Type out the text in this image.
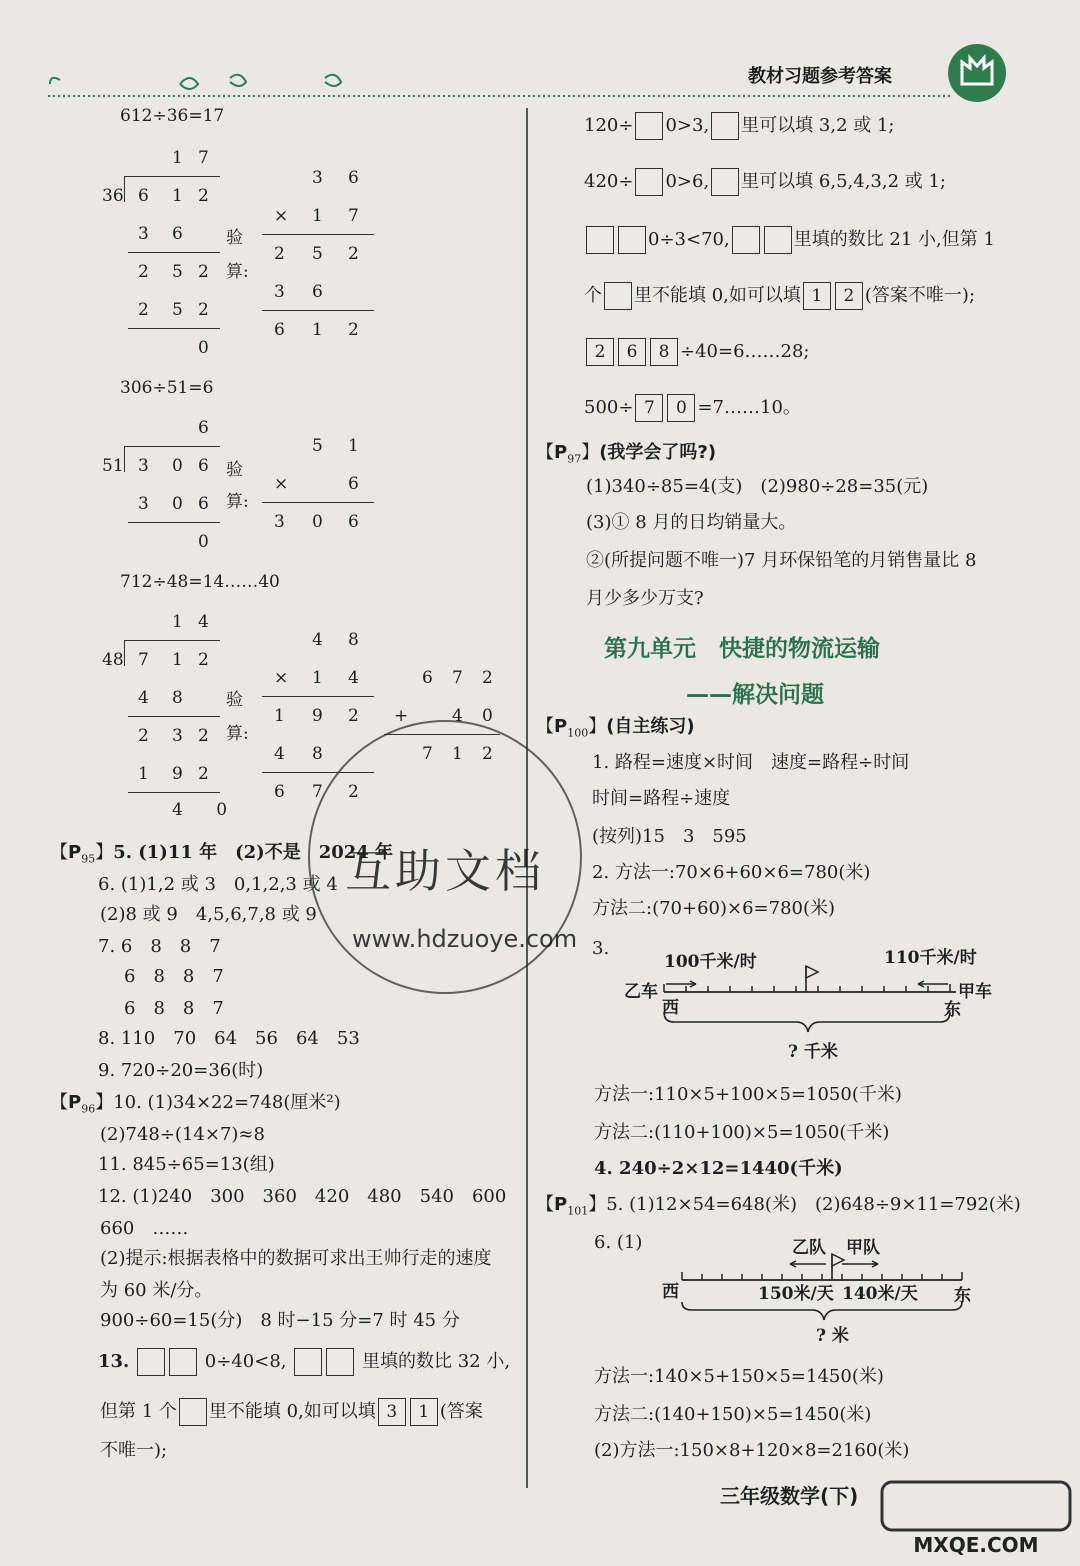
教材习题参考答案
612÷36=17
1 7
36 6 1 2
3 6
2 5 2
2 5 2
0
验
算:
3 6
× 1 7
2 5 2
3 6
6 1 2
306÷51=6
6
51 3 0 6
3 0 6
0
验
算:
5 1
×	6
3 0 6
712÷48=14……40
1 4
48 7 1 2
4 8
2 3 2
1 9 2
4 0
验
算:
4 8
× 1 4
1 9 2
4 8
6 7 2
6 7 2
+	4 0
7 1 2
【$P_{95}$】5. (1)11 年　(2)不是　2024 年
6. (1)1,2 或 3　0,1,2,3 或 4
(2)8 或 9　4,5,6,7,8 或 9
7. 6　8　8　7
6　8　8　7
6　8　8　7
8. 110　70　64　56　64　53
9. 720÷20=36(时)
【$P_{96}$】10. (1)34×22=748(厘米²)
(2)748÷(14×7)≈8
11. 845÷65=13(组)
12. (1)240　300　360　420　480　540　600
660　……
(2)提示:根据表格中的数据可求出王帅行走的速度
为 60 米/分。
900÷60=15(分)　8 时−15 分=7 时 45 分
13.	0÷40<8,	里填的数比 32 小,
但第 1 个 里不能填 0,如可以填 3 1 (答案
不唯一);
120÷ 0>3, 里可以填 3,2 或 1;
420÷ 0>6, 里可以填 6,5,4,3,2 或 1;
0÷3<70,	里填的数比 21 小,但第 1
个 里不能填 0,如可以填 1 2 (答案不唯一);
2 6 8 ÷40=6……28;
500÷ 7 0 =7……10。
【$P_{97}$】(我学会了吗?)
(1)340÷85=4(支)　(2)980÷28=35(元)
(3)① 8 月的日均销量大。
②(所提问题不唯一)7 月环保铅笔的月销售量比 8
月少多少万支?
第九单元　快捷的物流运输
——解决问题
【$P_{100}$】(自主练习)
1. 路程=速度×时间　速度=路程÷时间
时间=路程÷速度
(按列)15　3　595
2. 方法一:70×6+60×6=780(米)
方法二:(70+60)×6=780(米)
3.
100千米/时	110千米/时
乙车	甲车
西	东
? 千米
方法一:110×5+100×5=1050(千米)
方法二:(110+100)×5=1050(千米)
4. 240÷2×12=1440(千米)
【$P_{101}$】5. (1)12×54=648(米)　(2)648÷9×11=792(米)
6. (1)	乙队 甲队
西	东
150米/天 140米/天
? 米
方法一:140×5+150×5=1450(米)
方法二:(140+150)×5=1450(米)
(2)方法一:150×8+120×8=2160(米)
互助文档
www.hdzuoye.com
三年级数学(下)
MXQE.COM
